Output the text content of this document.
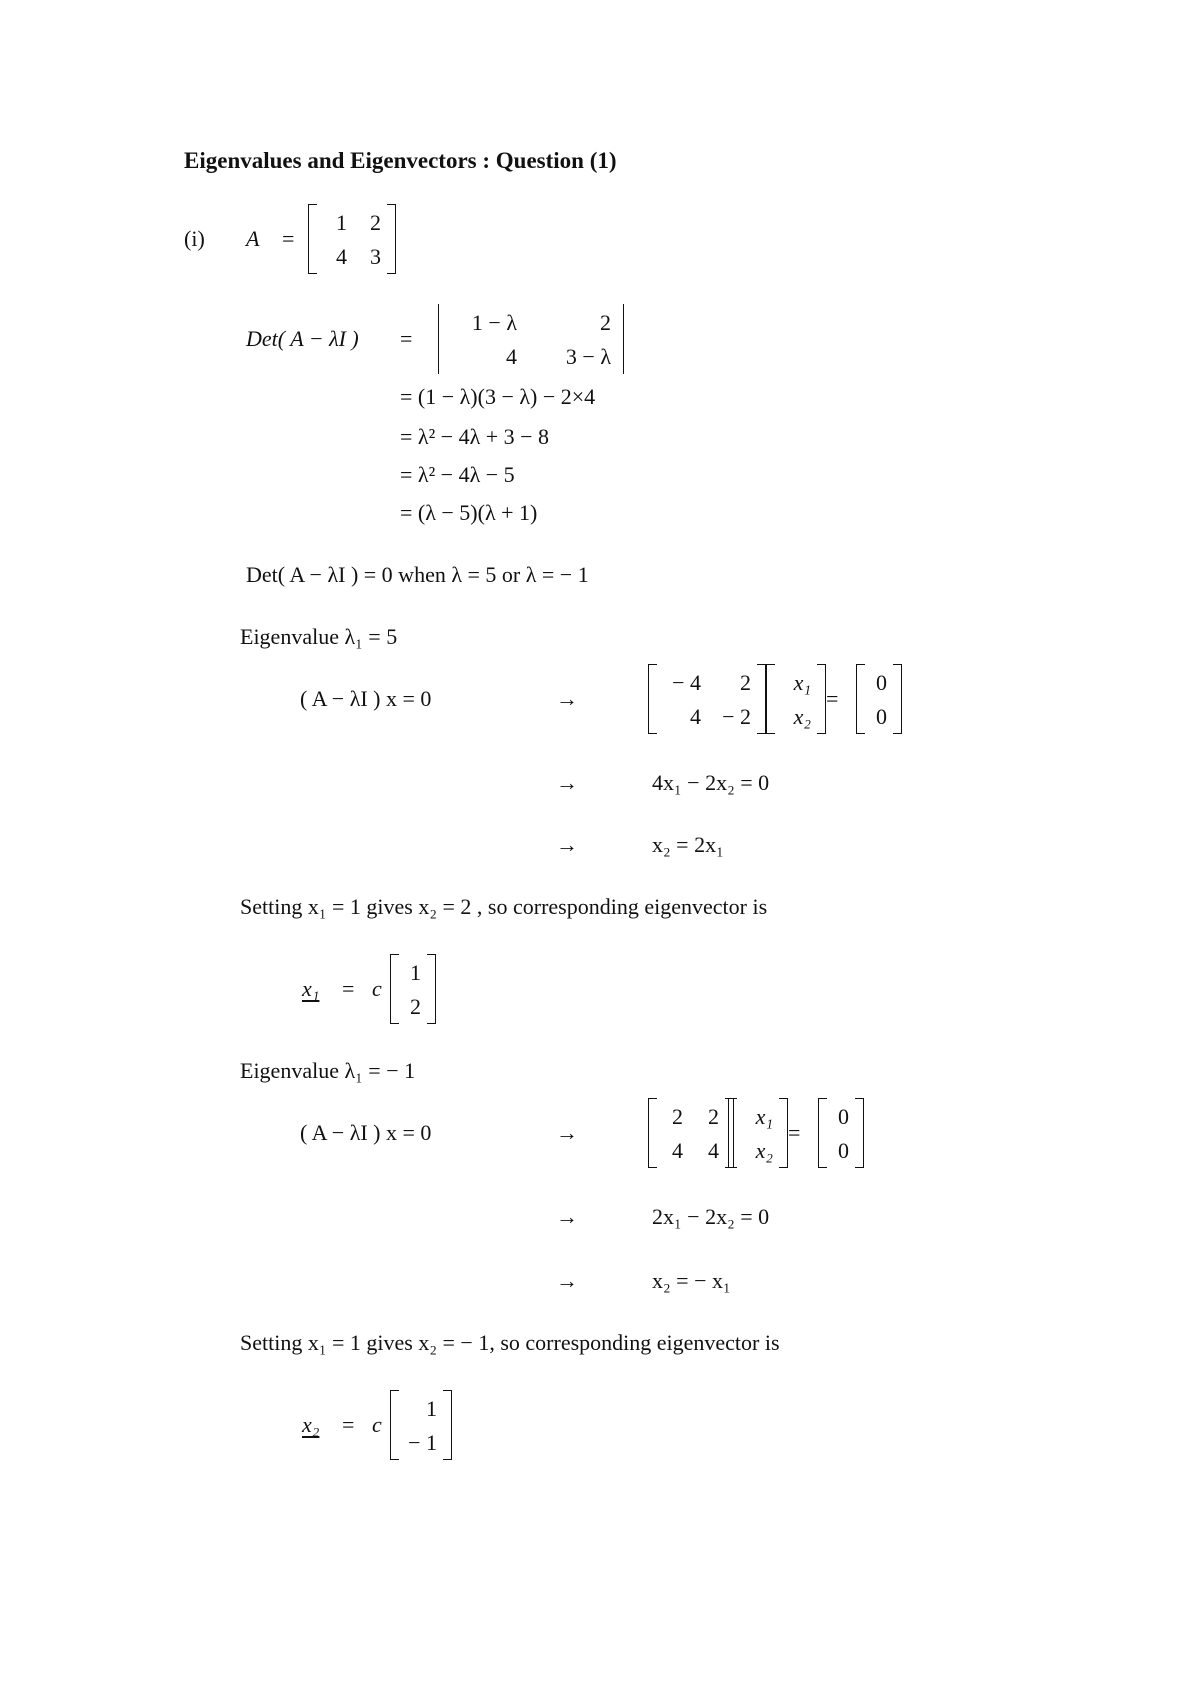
Eigenvalues and Eigenvectors : Question (1)
(i) A =
1	2
4	3
Det( A − λI ) =
1 − λ	2
4	3 − λ
= (1 − λ)(3 − λ) − 2×4
= λ² − 4λ + 3 − 8
= λ² − 4λ − 5
= (λ − 5)(λ + 1)
Det( A − λI ) = 0 when λ = 5 or λ = − 1
Eigenvalue λ₁ = 5
( A − λI ) x = 0	→
− 4	2
4 − 2
x₁
x₂
=
0
0
→	4x₁ − 2x₂ = 0
→	x₂ = 2x₁
Setting x₁ = 1 gives x₂ = 2 , so corresponding eigenvector is
x₁ = c
1
2
Eigenvalue λ₁ = − 1
( A − λI ) x = 0	→
2	2
4	4
x₁
x₂
=
0
0
→	2x₁ − 2x₂ = 0
→	x₂ = − x₁
Setting x₁ = 1 gives x₂ = − 1, so corresponding eigenvector is
x₂ = c
1
− 1
